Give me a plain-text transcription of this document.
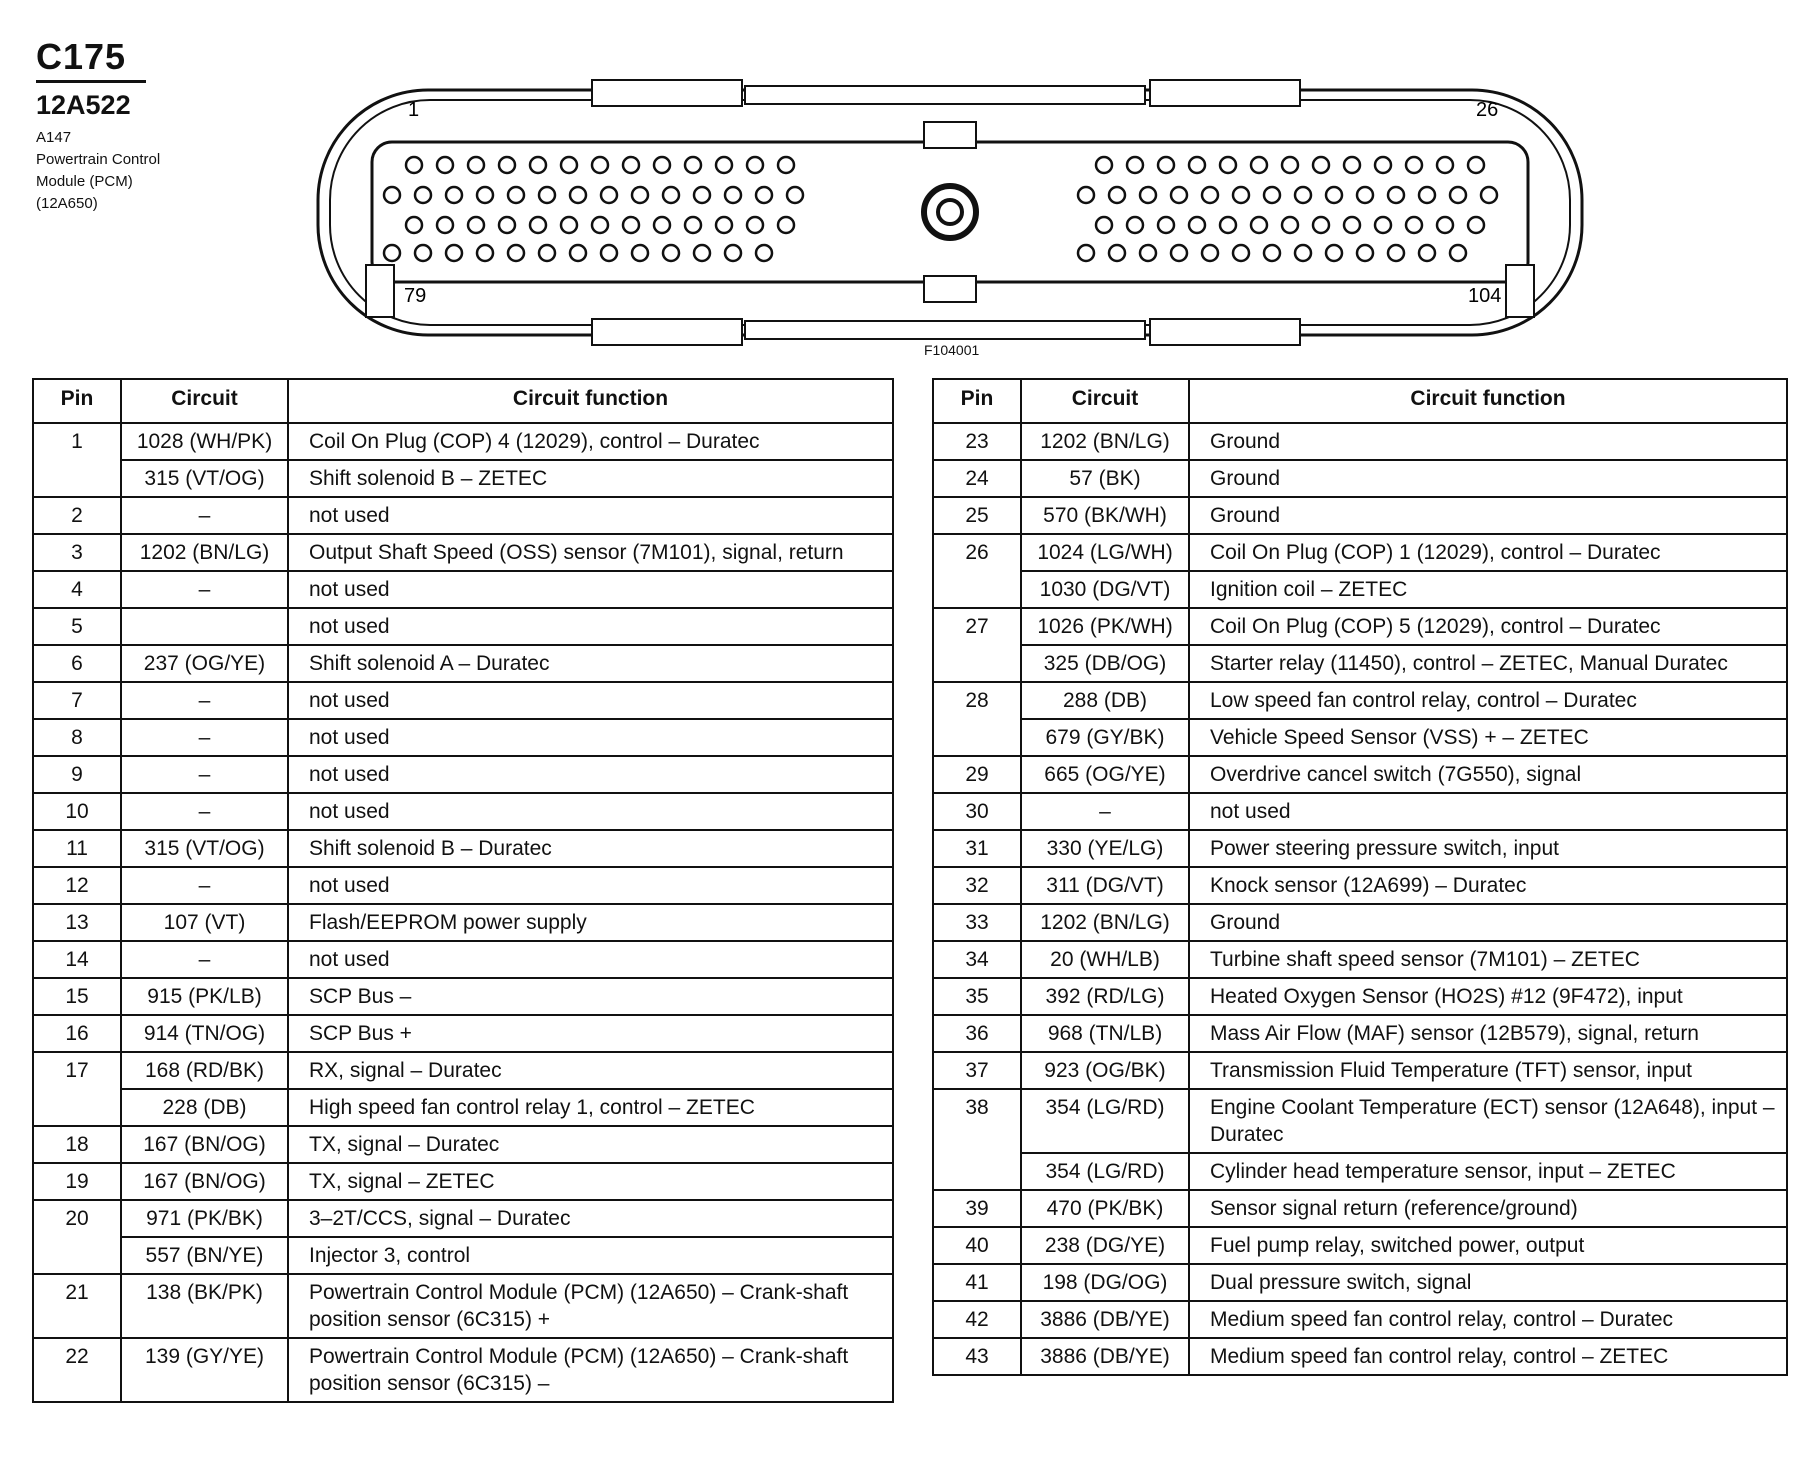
C175
12A522
A147
Powertrain Control
Module (PCM)
(12A650)
1	26
79	104
F104001
Pin	Circuit	Circuit function
1	1028 (WH/PK)	Coil On Plug (COP) 4 (12029), control – Duratec
	315 (VT/OG)	Shift solenoid B – ZETEC
2	–	not used
3	1202 (BN/LG)	Output Shaft Speed (OSS) sensor (7M101), signal, return
4	–	not used
5		not used
6	237 (OG/YE)	Shift solenoid A – Duratec
7	–	not used
8	–	not used
9	–	not used
10	–	not used
11	315 (VT/OG)	Shift solenoid B – Duratec
12	–	not used
13	107 (VT)	Flash/EEPROM power supply
14	–	not used
15	915 (PK/LB)	SCP Bus –
16	914 (TN/OG)	SCP Bus +
17	168 (RD/BK)	RX, signal – Duratec
	228 (DB)	High speed fan control relay 1, control – ZETEC
18	167 (BN/OG)	TX, signal – Duratec
19	167 (BN/OG)	TX, signal – ZETEC
20	971 (PK/BK)	3–2T/CCS, signal – Duratec
	557 (BN/YE)	Injector 3, control
21	138 (BK/PK)	Powertrain Control Module (PCM) (12A650) – Crank-shaft position sensor (6C315) +
22	139 (GY/YE)	Powertrain Control Module (PCM) (12A650) – Crank-shaft position sensor (6C315) –
Pin	Circuit	Circuit function
23	1202 (BN/LG)	Ground
24	57 (BK)	Ground
25	570 (BK/WH)	Ground
26	1024 (LG/WH)	Coil On Plug (COP) 1 (12029), control – Duratec
	1030 (DG/VT)	Ignition coil – ZETEC
27	1026 (PK/WH)	Coil On Plug (COP) 5 (12029), control – Duratec
	325 (DB/OG)	Starter relay (11450), control – ZETEC, Manual Duratec
28	288 (DB)	Low speed fan control relay, control – Duratec
	679 (GY/BK)	Vehicle Speed Sensor (VSS) + – ZETEC
29	665 (OG/YE)	Overdrive cancel switch (7G550), signal
30	–	not used
31	330 (YE/LG)	Power steering pressure switch, input
32	311 (DG/VT)	Knock sensor (12A699) – Duratec
33	1202 (BN/LG)	Ground
34	20 (WH/LB)	Turbine shaft speed sensor (7M101) – ZETEC
35	392 (RD/LG)	Heated Oxygen Sensor (HO2S) #12 (9F472), input
36	968 (TN/LB)	Mass Air Flow (MAF) sensor (12B579), signal, return
37	923 (OG/BK)	Transmission Fluid Temperature (TFT) sensor, input
38	354 (LG/RD)	Engine Coolant Temperature (ECT) sensor (12A648), input – Duratec
	354 (LG/RD)	Cylinder head temperature sensor, input – ZETEC
39	470 (PK/BK)	Sensor signal return (reference/ground)
40	238 (DG/YE)	Fuel pump relay, switched power, output
41	198 (DG/OG)	Dual pressure switch, signal
42	3886 (DB/YE)	Medium speed fan control relay, control – Duratec
43	3886 (DB/YE)	Medium speed fan control relay, control – ZETEC
